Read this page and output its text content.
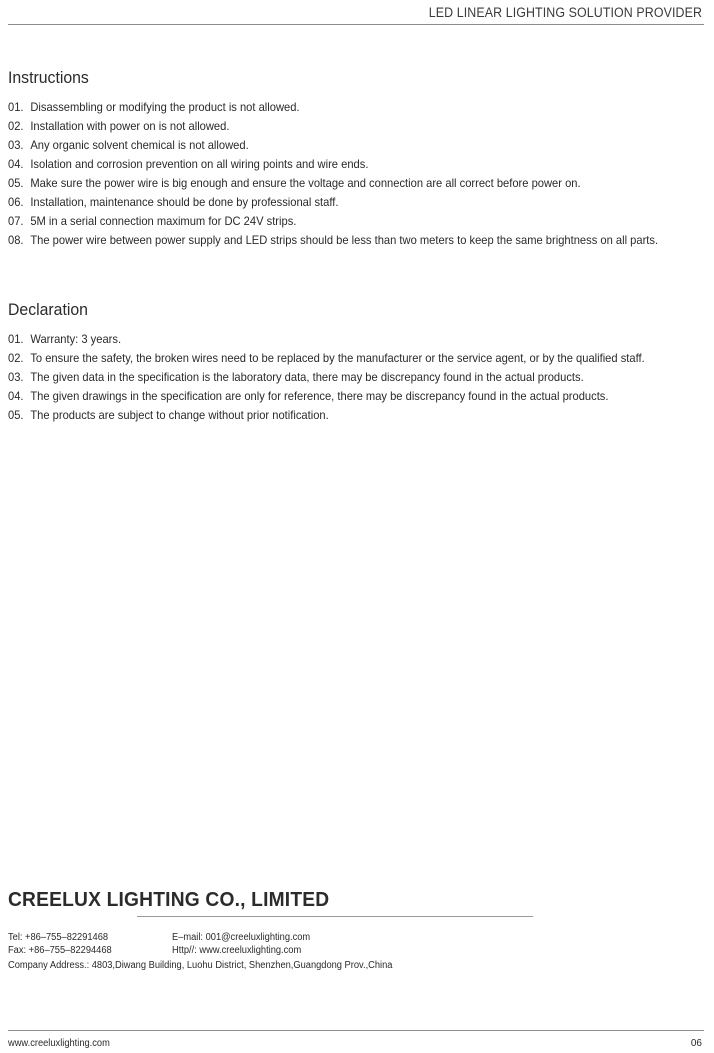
LED LINEAR LIGHTING SOLUTION PROVIDER
Instructions
01. Disassembling or modifying the product is not allowed.
02. Installation with power on is not allowed.
03. Any organic solvent chemical is not allowed.
04. Isolation and corrosion prevention on all wiring points and wire ends.
05. Make sure the power wire is big enough and ensure the voltage and connection are all correct before power on.
06. Installation, maintenance should be done by professional staff.
07. 5M in a serial connection maximum for DC 24V strips.
08. The power wire between power supply and LED strips should be less than two meters to keep the same brightness on all parts.
Declaration
01. Warranty: 3 years.
02. To ensure the safety, the broken wires need to be replaced by the manufacturer or the service agent, or by the qualified staff.
03. The given data in the specification is the laboratory data, there may be discrepancy found in the actual products.
04. The given drawings in the specification are only for reference, there may be discrepancy found in the actual products.
05. The products are subject to change without prior notification.
CREELUX LIGHTING CO., LIMITED
Tel: +86–755–82291468
Fax: +86–755–82294468
E–mail: 001@creeluxlighting.com
Http//: www.creeluxlighting.com
Company Address.: 4803,Diwang Building, Luohu District, Shenzhen,Guangdong Prov.,China
www.creeluxlighting.com	06
